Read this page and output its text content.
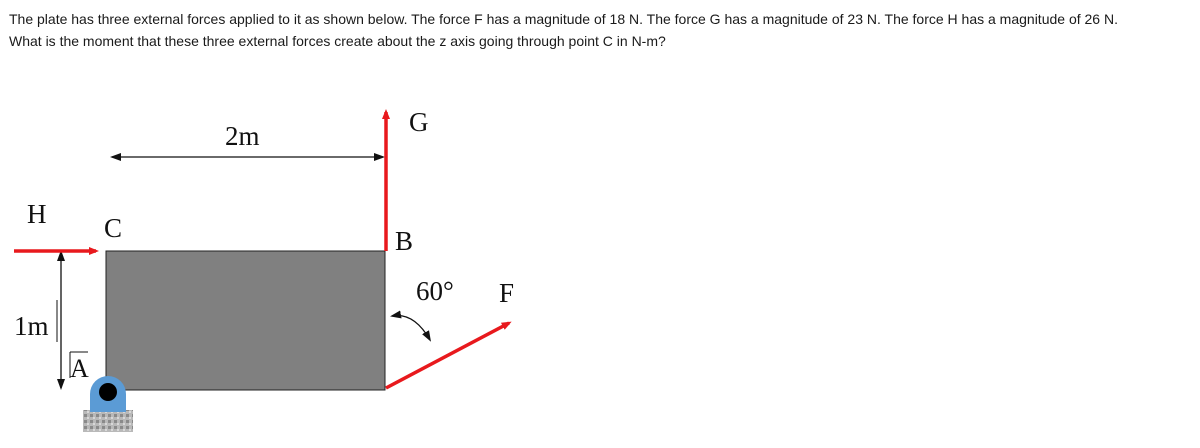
The plate has three external forces applied to it as shown below. The force F has a magnitude of 18 N. The force G has a magnitude of 23 N. The force H has a magnitude of 26 N.

What is the moment that these three external forces create about the z axis going through point C in N-m?

2m
1m
G
H C	B
A
F
60°
